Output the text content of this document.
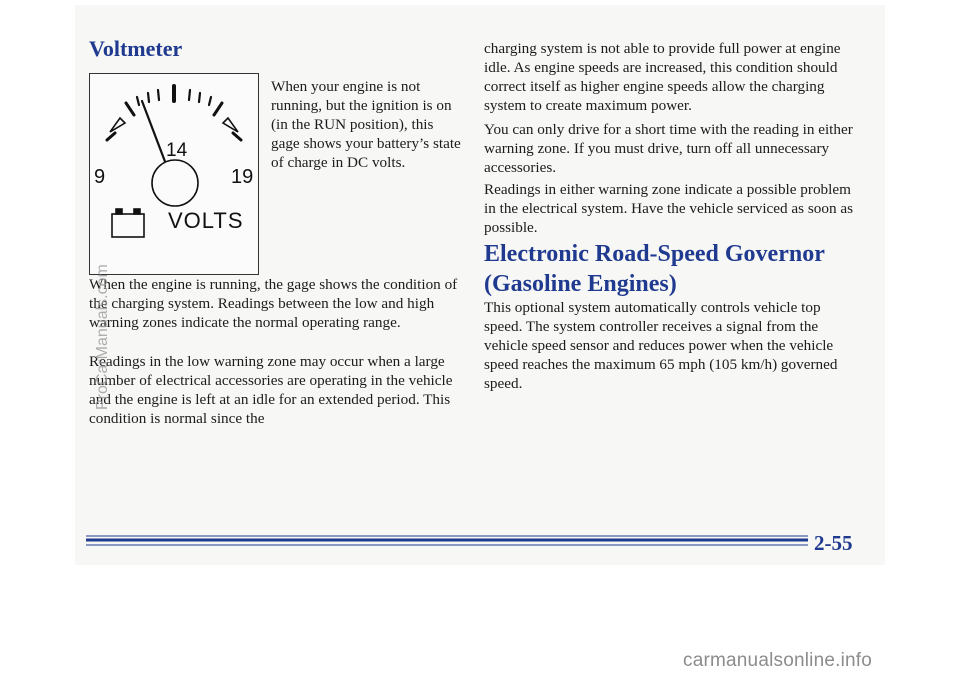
Voltmeter
14
9	19
VOLTS

When your engine is not running, but the ignition is on (in the RUN position), this gage shows your battery’s state of charge in DC volts.

When the engine is running, the gage shows the condition of the charging system. Readings between the low and high warning zones indicate the normal operating range.

Readings in the low warning zone may occur when a large number of electrical accessories are operating in the vehicle and the engine is left at an idle for an extended period. This condition is normal since the

charging system is not able to provide full power at engine idle. As engine speeds are increased, this condition should correct itself as higher engine speeds allow the charging system to create maximum power.

You can only drive for a short time with the reading in either warning zone. If you must drive, turn off all unnecessary accessories.

Readings in either warning zone indicate a possible problem in the electrical system. Have the vehicle serviced as soon as possible.

Electronic Road-Speed Governor (Gasoline Engines)

This optional system automatically controls vehicle top speed. The system controller receives a signal from the vehicle speed sensor and reduces power when the vehicle speed reaches the maximum 65 mph (105 km/h) governed speed.

2-55

ProCarManuals.com

carmanualsonline.info
